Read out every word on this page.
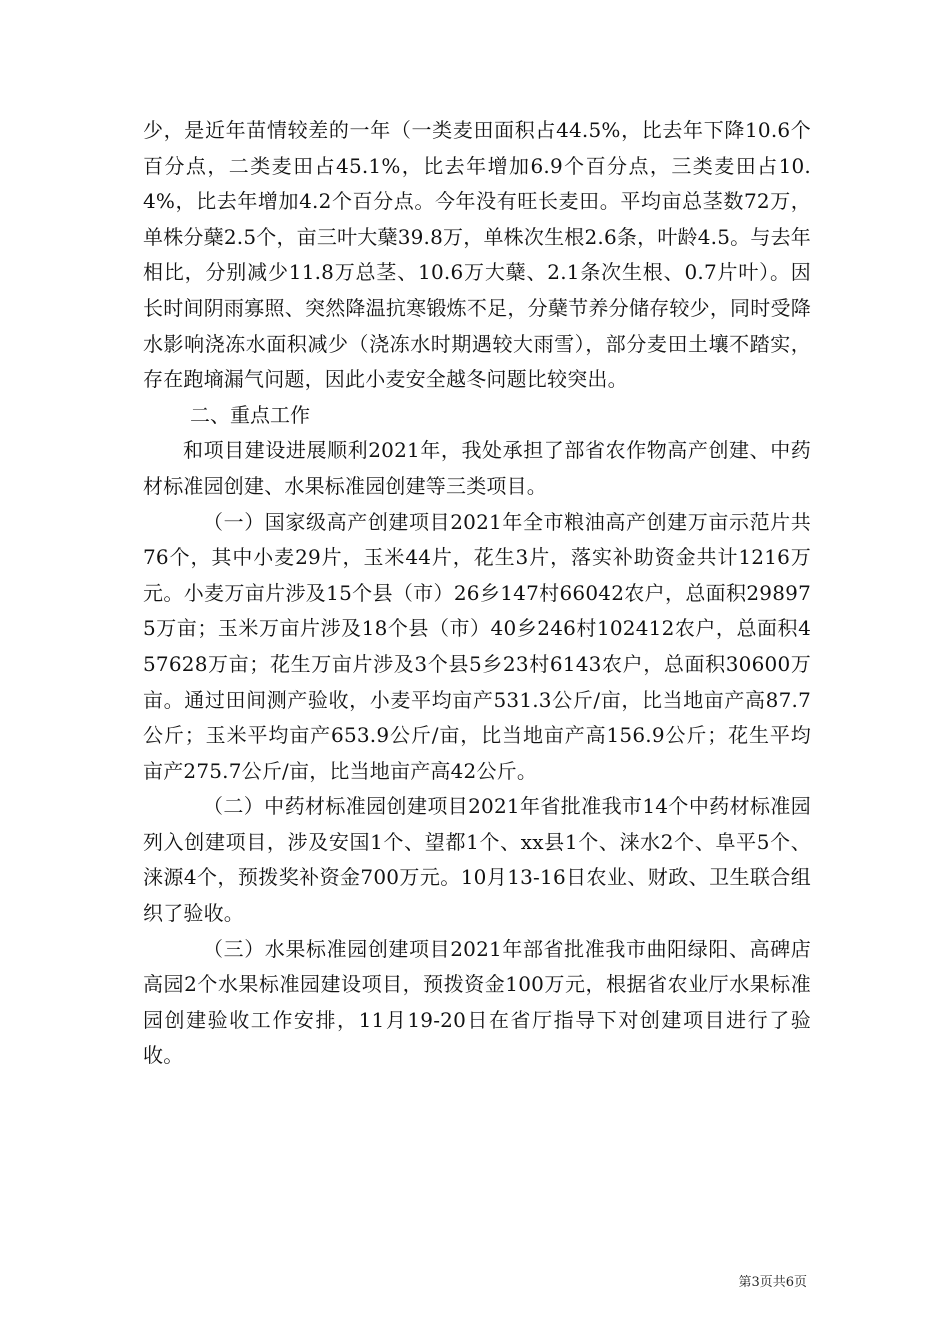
少，是近年苗情较差的一年（一类麦田面积占44.5%，比去年下降10.6个百分点，二类麦田占45.1%，比去年增加6.9个百分点，三类麦田占10.4%，比去年增加4.2个百分点。今年没有旺长麦田。平均亩总茎数72万，单株分蘖2.5个，亩三叶大蘖39.8万，单株次生根2.6条，叶龄4.5。与去年相比，分别减少11.8万总茎、10.6万大蘖、2.1条次生根、0.7片叶）。因长时间阴雨寡照、突然降温抗寒锻炼不足，分蘖节养分储存较少，同时受降水影响浇冻水面积减少（浇冻水时期遇较大雨雪），部分麦田土壤不踏实，存在跑墒漏气问题，因此小麦安全越冬问题比较突出。

二、重点工作

和项目建设进展顺利2021年，我处承担了部省农作物高产创建、中药材标准园创建、水果标准园创建等三类项目。

（一）国家级高产创建项目2021年全市粮油高产创建万亩示范片共76个，其中小麦29片，玉米44片，花生3片，落实补助资金共计1216万元。小麦万亩片涉及15个县（市）26乡147村66042农户，总面积298975万亩；玉米万亩片涉及18个县（市）40乡246村102412农户，总面积457628万亩；花生万亩片涉及3个县5乡23村6143农户，总面积30600万亩。通过田间测产验收，小麦平均亩产531.3公斤/亩，比当地亩产高87.7公斤；玉米平均亩产653.9公斤/亩，比当地亩产高156.9公斤；花生平均亩产275.7公斤/亩，比当地亩产高42公斤。

（二）中药材标准园创建项目2021年省批准我市14个中药材标准园列入创建项目，涉及安国1个、望都1个、xx县1个、涞水2个、阜平5个、涞源4个，预拨奖补资金700万元。10月13-16日农业、财政、卫生联合组织了验收。

（三）水果标准园创建项目2021年部省批准我市曲阳绿阳、高碑店高园2个水果标准园建设项目，预拨资金100万元，根据省农业厅水果标准园创建验收工作安排，11月19-20日在省厅指导下对创建项目进行了验收。

第3页共6页
